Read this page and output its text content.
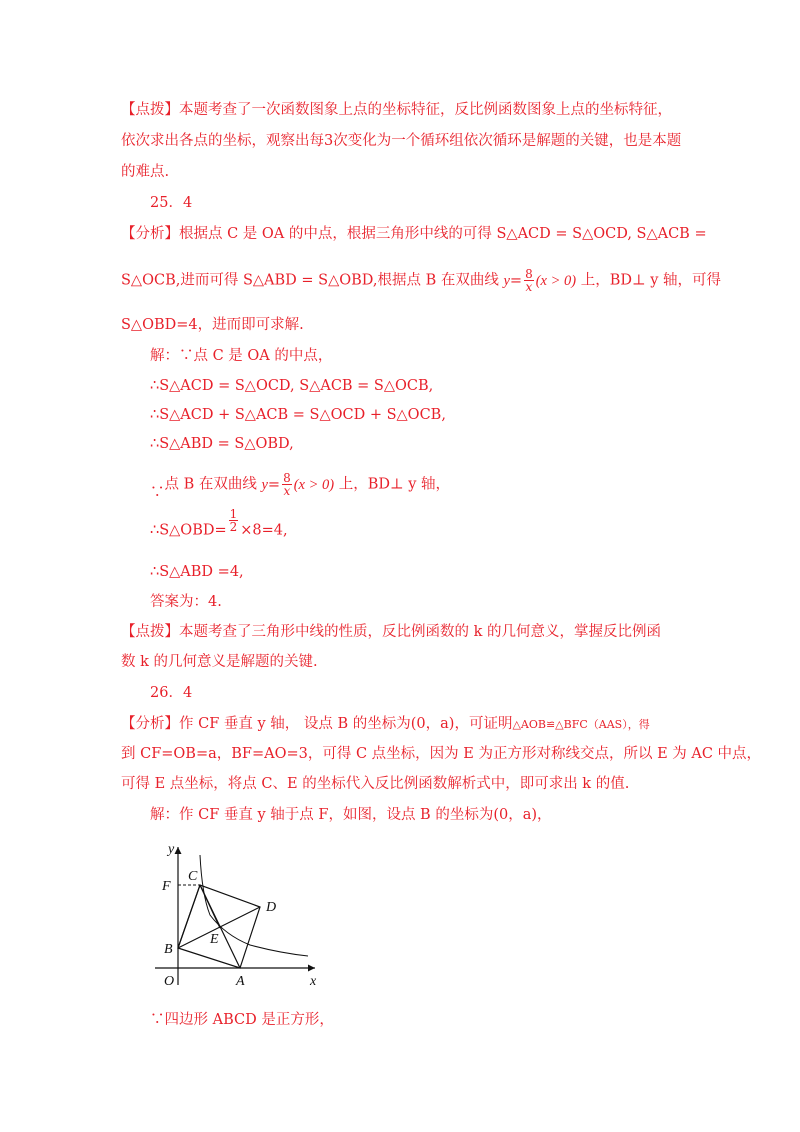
【点拨】本题考查了一次函数图象上点的坐标特征，反比例函数图象上点的坐标特征，
依次求出各点的坐标，观察出每3次变化为一个循环组依次循环是解题的关键，也是本题
的难点.
25．4
【分析】根据点 C 是 OA 的中点，根据三角形中线的可得 S△ACD = S△OCD, S△ACB =
S△OCB,进而可得 S△ABD = S△OBD,根据点 B 在双曲线 $y= \frac{8}{x} (x > 0)$ 上，BD⊥ y 轴，可得
S△OBD=4，进而即可求解.
解：∵点 C 是 OA 的中点，
∴S△ACD = S△OCD, S△ACB = S△OCB,
∴S△ACD + S△ACB = S△OCD + S△OCB,
∴S△ABD = S△OBD,
∵点 B 在双曲线 $y= \frac{8}{x} (x > 0)$ 上，BD⊥ y 轴，
∴S△OBD= $\frac{1}{2} \times 8=4$,
∴S△ABD =4,
答案为：4.
【点拨】本题考查了三角形中线的性质，反比例函数的 k 的几何意义，掌握反比例函
数 k 的几何意义是解题的关键.
26．4
【分析】作 CF 垂直 y 轴， 设点 B 的坐标为(0，a)，可证明△AOB≌△BFC（AAS），得
到 CF=OB=a，BF=AO=3，可得 C 点坐标，因为 E 为正方形对称线交点，所以 E 为 AC 中点，
可得 E 点坐标，将点 C、E 的坐标代入反比例函数解析式中，即可求出 k 的值.
解：作 CF 垂直 y 轴于点 F，如图，设点 B 的坐标为(0，a)，
y
x
O
F
C
D
E
B
A
∵四边形 ABCD 是正方形，
